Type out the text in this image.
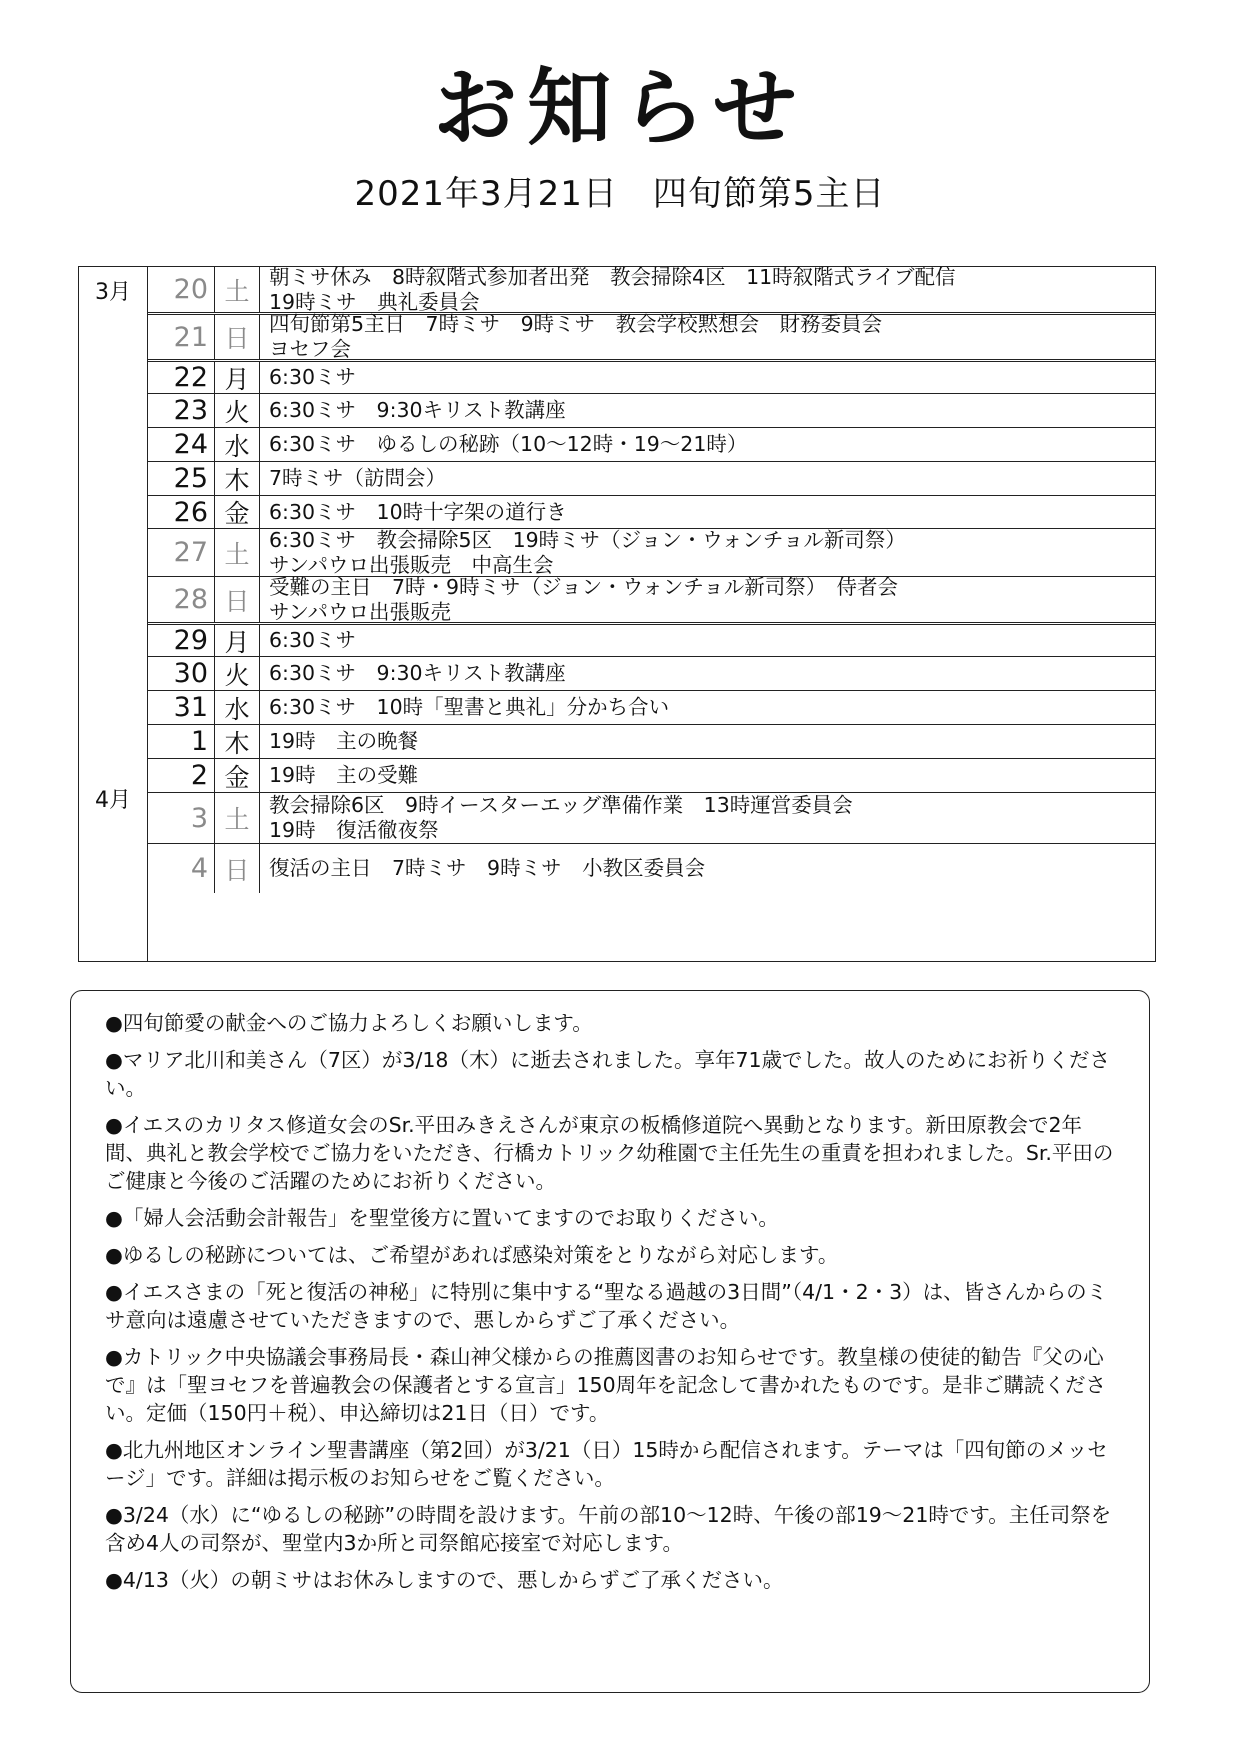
お知らせ
2021年3月21日　四旬節第5主日
3月
4月
20 土 朝ミサ休み　8時叙階式参加者出発　教会掃除4区　11時叙階式ライブ配信
19時ミサ　典礼委員会
21 日 四旬節第5主日　7時ミサ　9時ミサ　教会学校黙想会　財務委員会
ヨセフ会
22 月 6:30ミサ
23 火 6:30ミサ　9:30キリスト教講座
24 水 6:30ミサ　ゆるしの秘跡（10〜12時・19〜21時）
25 木 7時ミサ（訪問会）
26 金 6:30ミサ　10時十字架の道行き
27 土 6:30ミサ　教会掃除5区　19時ミサ（ジョン・ウォンチョル新司祭）
サンパウロ出張販売　中高生会
28 日 受難の主日　7時・9時ミサ（ジョン・ウォンチョル新司祭）　侍者会
サンパウロ出張販売
29 月 6:30ミサ
30 火 6:30ミサ　9:30キリスト教講座
31 水 6:30ミサ　10時「聖書と典礼」分かち合い
1 木 19時　主の晩餐
2 金 19時　主の受難
3 土 教会掃除6区　9時イースターエッグ準備作業　13時運営委員会
19時　復活徹夜祭
4 日 復活の主日　7時ミサ　9時ミサ　小教区委員会
●四旬節愛の献金へのご協力よろしくお願いします。
●マリア北川和美さん（7区）が3/18（木）に逝去されました。享年71歳でした。故人のためにお祈りください。
●イエスのカリタス修道女会のSr.平田みきえさんが東京の板橋修道院へ異動となります。新田原教会で2年間、典礼と教会学校でご協力をいただき、行橋カトリック幼稚園で主任先生の重責を担われました。Sr.平田のご健康と今後のご活躍のためにお祈りください。
●「婦人会活動会計報告」を聖堂後方に置いてますのでお取りください。
●ゆるしの秘跡については、ご希望があれば感染対策をとりながら対応します。
●イエスさまの「死と復活の神秘」に特別に集中する“聖なる過越の3日間”（4/1・2・3）は、皆さんからのミサ意向は遠慮させていただきますので、悪しからずご了承ください。
●カトリック中央協議会事務局長・森山神父様からの推薦図書のお知らせです。教皇様の使徒的勧告『父の心で』は「聖ヨセフを普遍教会の保護者とする宣言」150周年を記念して書かれたものです。是非ご購読ください。定価（150円＋税）、申込締切は21日（日）です。
●北九州地区オンライン聖書講座（第2回）が3/21（日）15時から配信されます。テーマは「四旬節のメッセージ」です。詳細は掲示板のお知らせをご覧ください。
●3/24（水）に“ゆるしの秘跡”の時間を設けます。午前の部10〜12時、午後の部19〜21時です。主任司祭を含め4人の司祭が、聖堂内3か所と司祭館応接室で対応します。
●4/13（火）の朝ミサはお休みしますので、悪しからずご了承ください。
